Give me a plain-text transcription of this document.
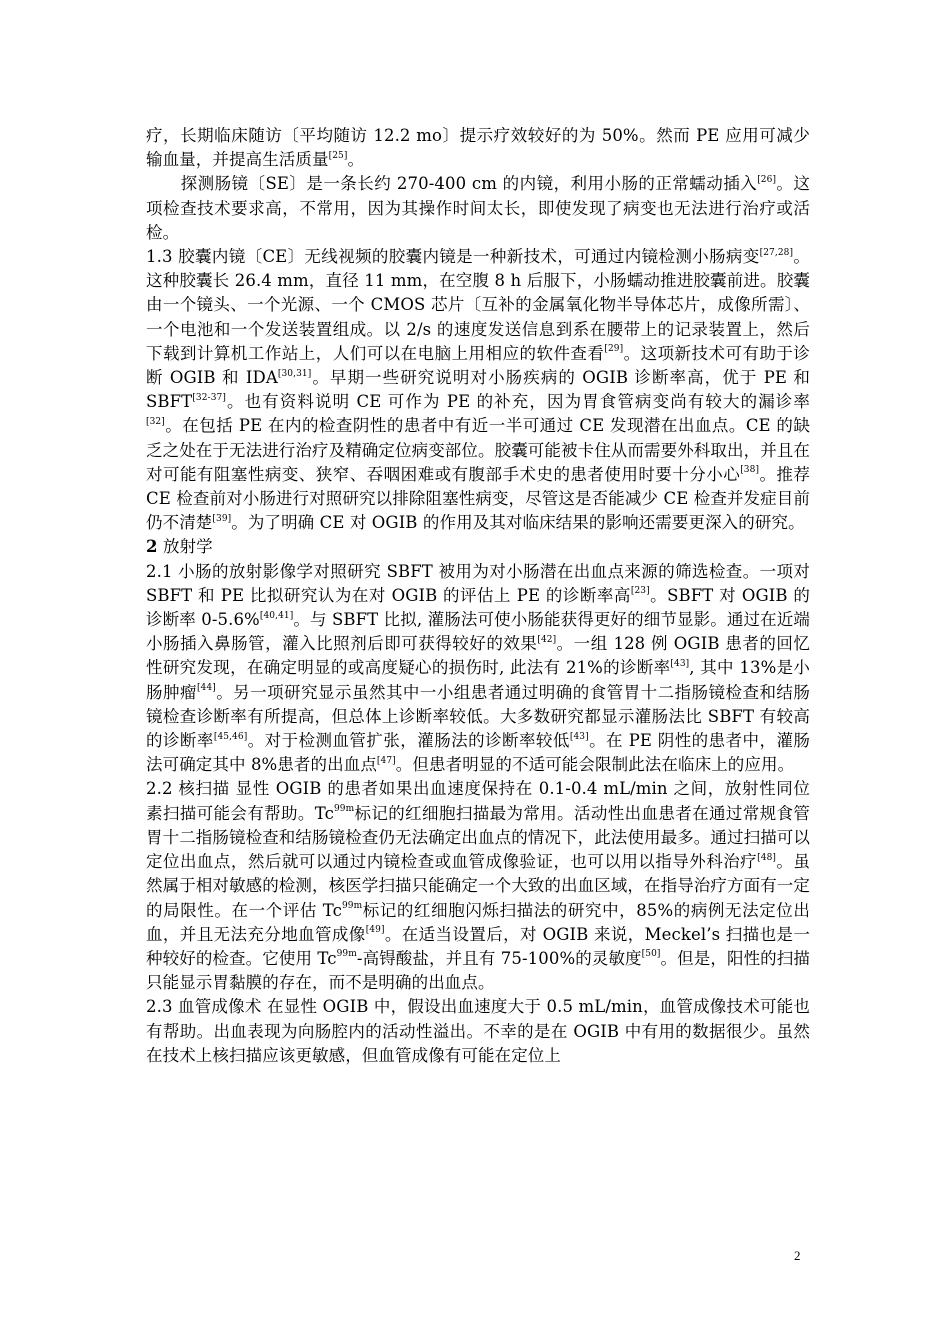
疗，长期临床随访〔平均随访 12.2 mo〕提示疗效较好的为 50%。然而 PE 应用可减少输血量，并提高生活质量[25]。

探测肠镜〔SE〕是一条长约 270-400 cm 的内镜，利用小肠的正常蠕动插入[26]。这项检查技术要求高，不常用，因为其操作时间太长，即使发现了病变也无法进行治疗或活检。

1.3 胶囊内镜〔CE〕无线视频的胶囊内镜是一种新技术，可通过内镜检测小肠病变[27,28]。这种胶囊长 26.4 mm，直径 11 mm，在空腹 8 h 后服下，小肠蠕动推进胶囊前进。胶囊由一个镜头、一个光源、一个 CMOS 芯片〔互补的金属氧化物半导体芯片，成像所需〕、一个电池和一个发送装置组成。以 2/s 的速度发送信息到系在腰带上的记录装置上，然后下载到计算机工作站上，人们可以在电脑上用相应的软件查看[29]。这项新技术可有助于诊断 OGIB 和 IDA[30,31]。早期一些研究说明对小肠疾病的 OGIB 诊断率高，优于 PE 和 SBFT[32-37]。也有资料说明 CE 可作为 PE 的补充，因为胃食管病变尚有较大的漏诊率[32]。在包括 PE 在内的检查阴性的患者中有近一半可通过 CE 发现潜在出血点。CE 的缺乏之处在于无法进行治疗及精确定位病变部位。胶囊可能被卡住从而需要外科取出，并且在对可能有阻塞性病变、狭窄、吞咽困难或有腹部手术史的患者使用时要十分小心[38]。推荐 CE 检查前对小肠进行对照研究以排除阻塞性病变，尽管这是否能减少 CE 检查并发症目前仍不清楚[39]。为了明确 CE 对 OGIB 的作用及其对临床结果的影响还需要更深入的研究。

2 放射学

2.1 小肠的放射影像学对照研究 SBFT 被用为对小肠潜在出血点来源的筛选检查。一项对 SBFT 和 PE 比拟研究认为在对 OGIB 的评估上 PE 的诊断率高[23]。SBFT 对 OGIB 的诊断率 0-5.6%[40,41]。与 SBFT 比拟, 灌肠法可使小肠能获得更好的细节显影。通过在近端小肠插入鼻肠管，灌入比照剂后即可获得较好的效果[42]。一组 128 例 OGIB 患者的回忆性研究发现，在确定明显的或高度疑心的损伤时, 此法有 21%的诊断率[43], 其中 13%是小肠肿瘤[44]。另一项研究显示虽然其中一小组患者通过明确的食管胃十二指肠镜检查和结肠镜检查诊断率有所提高，但总体上诊断率较低。大多数研究都显示灌肠法比 SBFT 有较高的诊断率[45,46]。对于检测血管扩张，灌肠法的诊断率较低[43]。在 PE 阴性的患者中，灌肠法可确定其中 8%患者的出血点[47]。但患者明显的不适可能会限制此法在临床上的应用。

2.2 核扫描 显性 OGIB 的患者如果出血速度保持在 0.1-0.4 mL/min 之间，放射性同位素扫描可能会有帮助。$Tc^{99m}$标记的红细胞扫描最为常用。活动性出血患者在通过常规食管胃十二指肠镜检查和结肠镜检查仍无法确定出血点的情况下，此法使用最多。通过扫描可以定位出血点，然后就可以通过内镜检查或血管成像验证，也可以用以指导外科治疗[48]。虽然属于相对敏感的检测，核医学扫描只能确定一个大致的出血区域，在指导治疗方面有一定的局限性。在一个评估 $Tc^{99m}$标记的红细胞闪烁扫描法的研究中，85%的病例无法定位出血，并且无法充分地血管成像[49]。在适当设置后，对 OGIB 来说，Meckel’s 扫描也是一种较好的检查。它使用 $Tc^{99m}-$高锝酸盐，并且有 75-100%的灵敏度[50]。但是，阳性的扫描只能显示胃黏膜的存在，而不是明确的出血点。

2.3 血管成像术 在显性 OGIB 中，假设出血速度大于 0.5 mL/min，血管成像技术可能也有帮助。出血表现为向肠腔内的活动性溢出。不幸的是在 OGIB 中有用的数据很少。虽然在技术上核扫描应该更敏感，但血管成像有可能在定位上

2
